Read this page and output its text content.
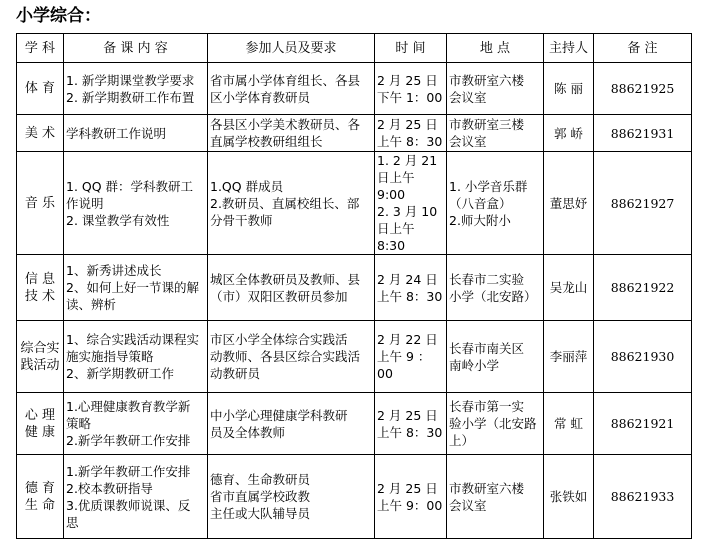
小学综合：
学 科	备 课 内 容	参加人员及要求	时 间	地 点	主持人	备 注

体 育	1. 新学期课堂教学要求
2. 新学期教研工作布置	省市属小学体育组长、各县
区小学体育教研员	2 月 25 日
下午 1：00	市教研室六楼
会议室	陈 丽	88621925

美 术	学科教研工作说明	各县区小学美术教研员、各
直属学校教研组组长	2 月 25 日
上午 8：30	市教研室三楼
会议室	郭 峤	88621931

音 乐	1. QQ 群：学科教研工
作说明
2. 课堂教学有效性	1.QQ 群成员
2.教研员、直属校组长、部
分骨干教师	1. 2 月 21
日上午 9:00
2. 3 月 10
日上午 8:30	1. 小学音乐群
（八音盒）
2.师大附小	董思妤	88621927

信 息
技 术	1、新秀讲述成长
2、如何上好一节课的解
读、辨析	城区全体教研员及教师、县
（市）双阳区教研员参加	2 月 24 日
上午 8：30	长春市二实验
小学（北安路）	吴龙山	88621922

综合实
践活动	1、综合实践活动课程实
施实施指导策略
2、新学期教研工作	市区小学全体综合实践活
动教师、各县区综合实践活
动教研员	2 月 22 日
上午 9 ：00	长春市南关区
南岭小学	李丽萍	88621930

心 理
健 康	1.心理健康教育教学新
策略
2.新学年教研工作安排	中小学心理健康学科教研
员及全体教师	2 月 25 日
上午 8：30	长春市第一实
验小学（北安路
上）	常 虹	88621921

德 育
生 命	1.新学年教研工作安排
2.校本教研指导
3.优质课教师说课、反
思	德育、生命教研员
省市直属学校政教
主任或大队辅导员	2 月 25 日
上午 9：00	市教研室六楼
会议室	张铁如	88621933
